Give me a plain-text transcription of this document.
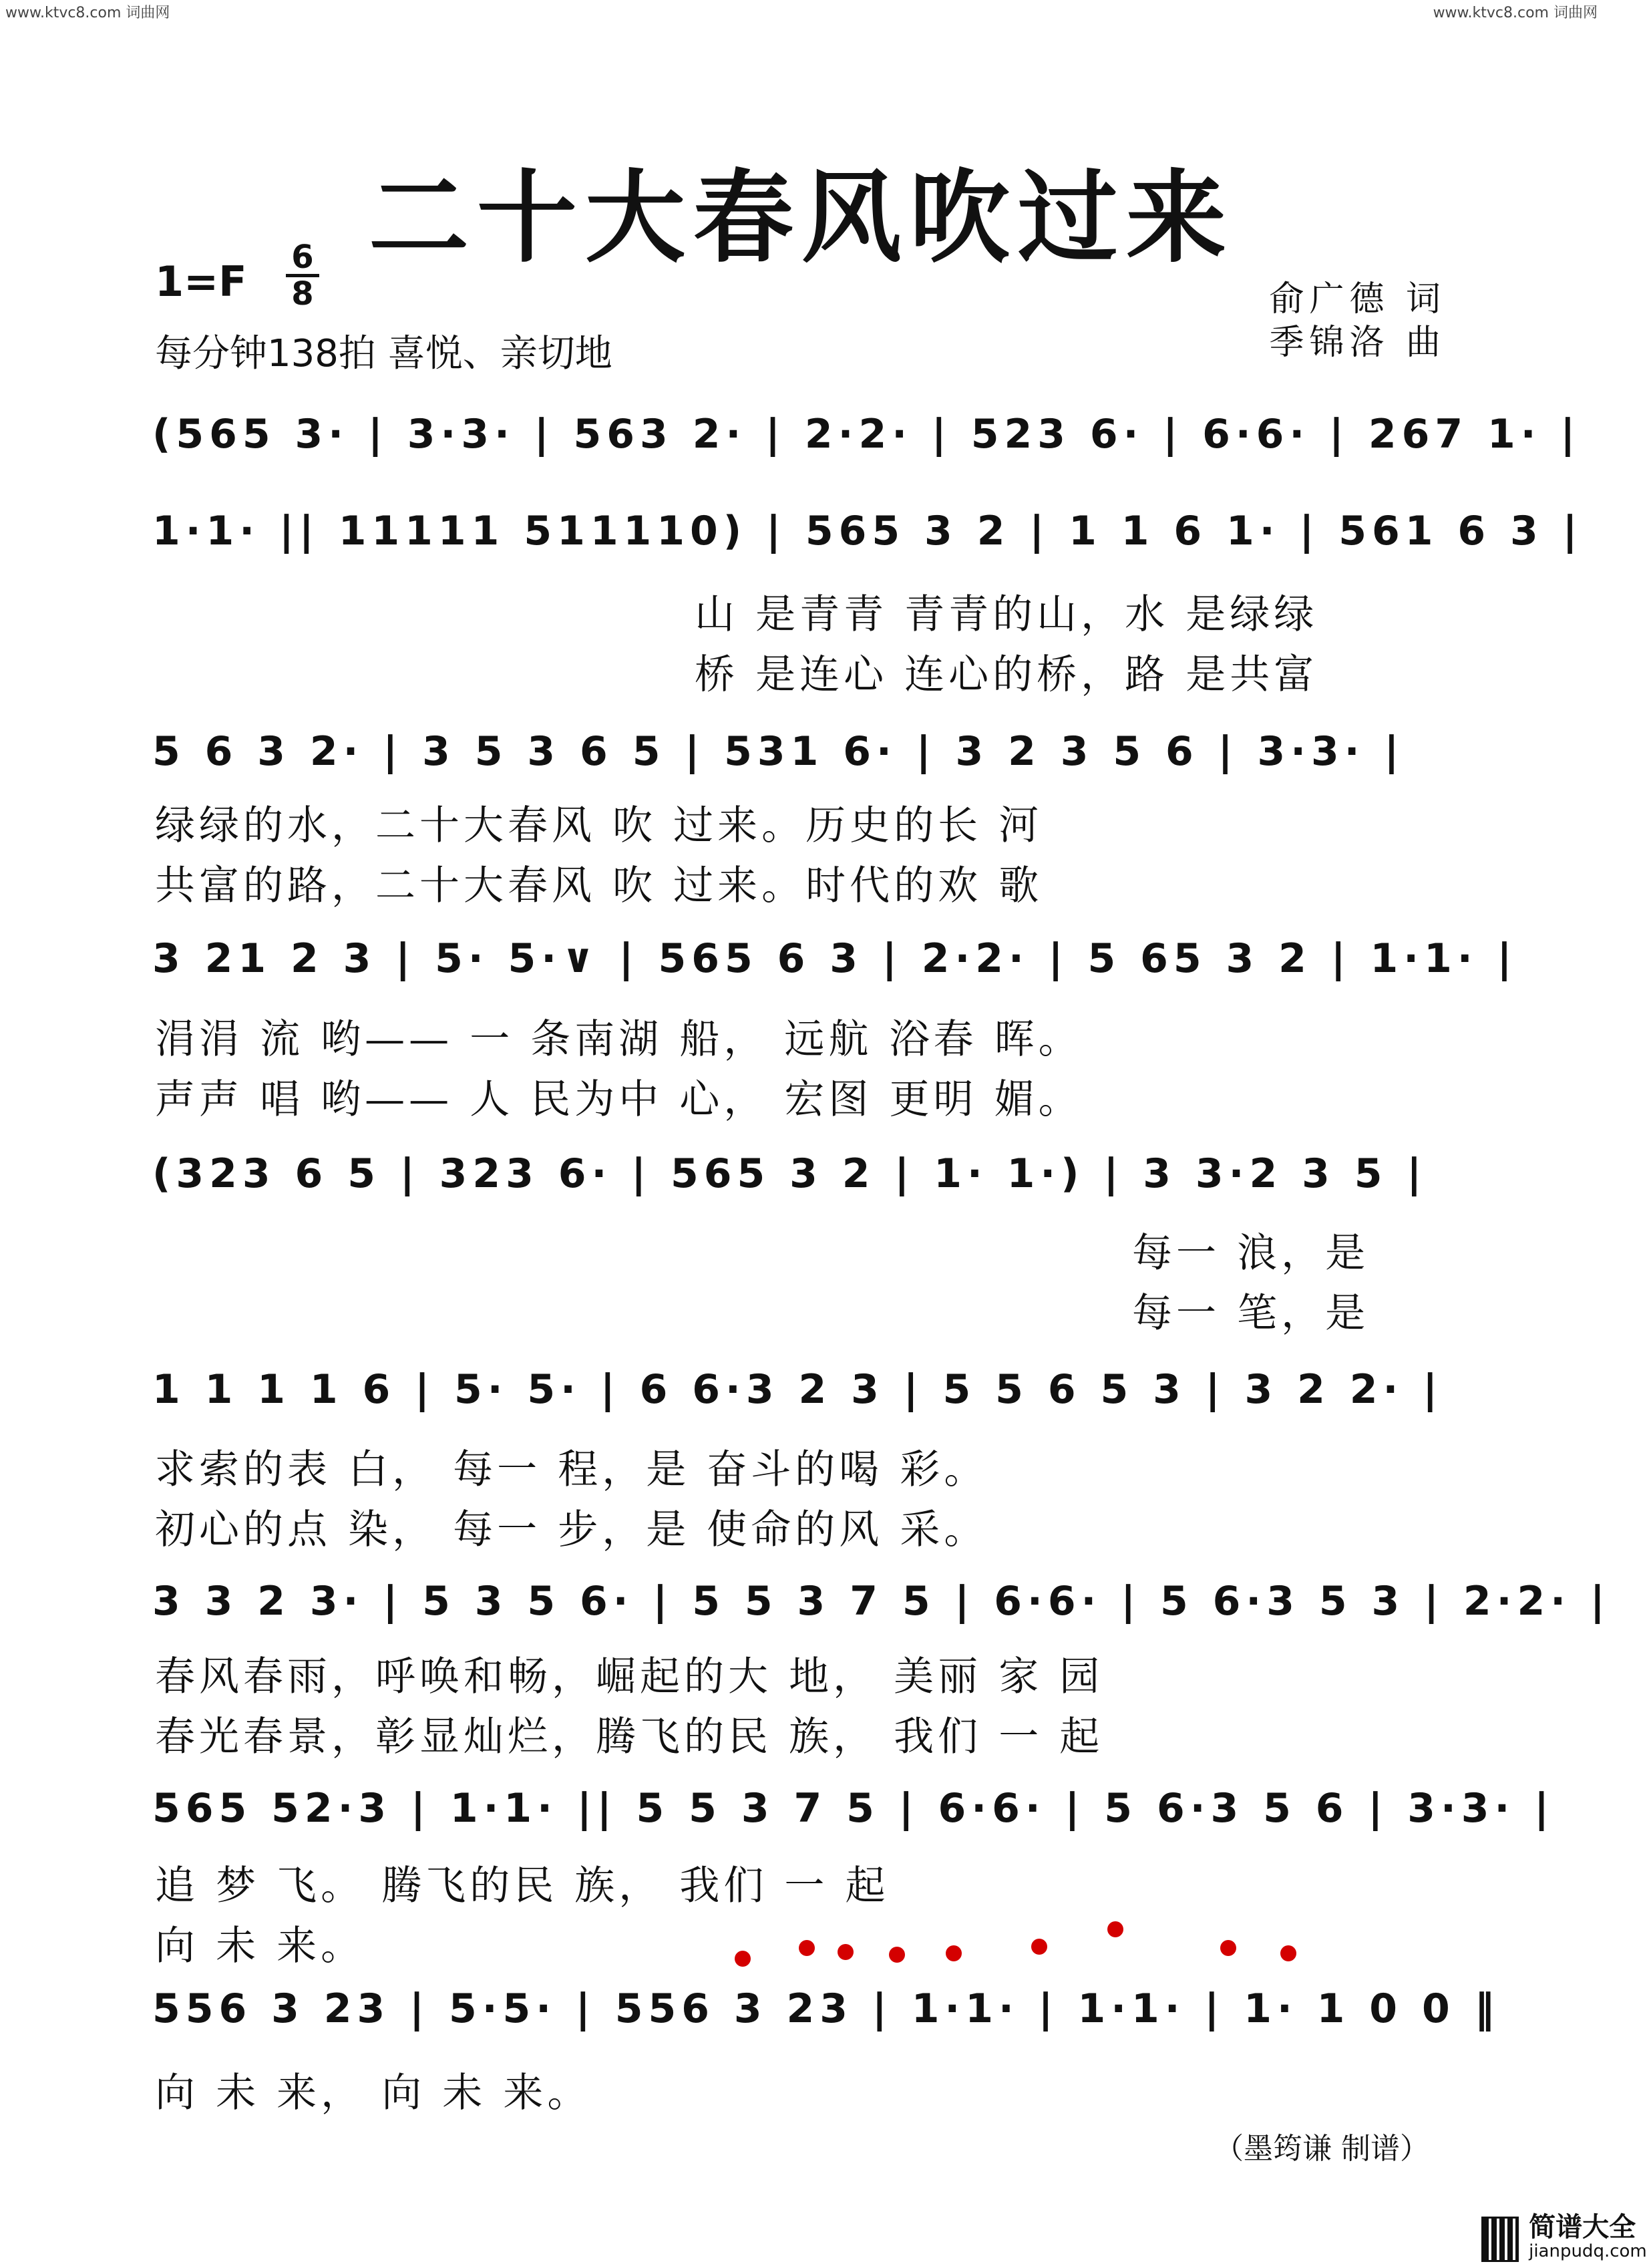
www.ktvc8.com 词曲网	www.ktvc8.com 词曲网
二十大春风吹过来
1=F 6
8
每分钟138拍 喜悦、亲切地
俞广德 词
季锦洛 曲
(565 3· | 3·3· | 563 2· | 2·2· | 523 6· | 6·6· | 267 1· |
1·1· || 11111 511110) | 565 3 2 | 1 1 6 1· | 561 6 3 |
山 是青青 青青的山，水 是绿绿
桥 是连心 连心的桥，路 是共富
5 6 3 2· | 3 5 3 6 5 | 531 6· | 3 2 3 5 6 | 3·3· |
绿绿的水，二十大春风 吹 过来。历史的长 河
共富的路，二十大春风 吹 过来。时代的欢 歌
3 21 2 3 | 5· 5·∨ | 565 6 3 | 2·2· | 5 65 3 2 | 1·1· |
涓涓 流 哟—— 一 条南湖 船， 远航 浴春 晖。
声声 唱 哟—— 人 民为中 心， 宏图 更明 媚。
(323 6 5 | 323 6· | 565 3 2 | 1· 1·) | 3 3·2 3 5 |
每一 浪，是
每一 笔，是
1 1 1 1 6 | 5· 5· | 6 6·3 2 3 | 5 5 6 5 3 | 3 2 2· |
求索的表 白， 每一 程，是 奋斗的喝 彩。
初心的点 染， 每一 步，是 使命的风 采。
3 3 2 3· | 5 3 5 6· | 5 5 3 7 5 | 6·6· | 5 6·3 5 3 | 2·2· |
春风春雨，呼唤和畅，崛起的大 地， 美丽 家 园
春光春景，彰显灿烂，腾飞的民 族， 我们 一 起
565 52·3 | 1·1· || 5 5 3 7 5 | 6·6· | 5 6·3 5 6 | 3·3· |
追 梦 飞。 腾飞的民 族， 我们 一 起
向 未 来。
556 3 23 | 5·5· | 556 3 23 | 1·1· | 1·1· | 1· 1 0 0 ‖
向 未 来， 向 未 来。
（墨筠谦 制谱）

简谱大全
jianpudq.com
